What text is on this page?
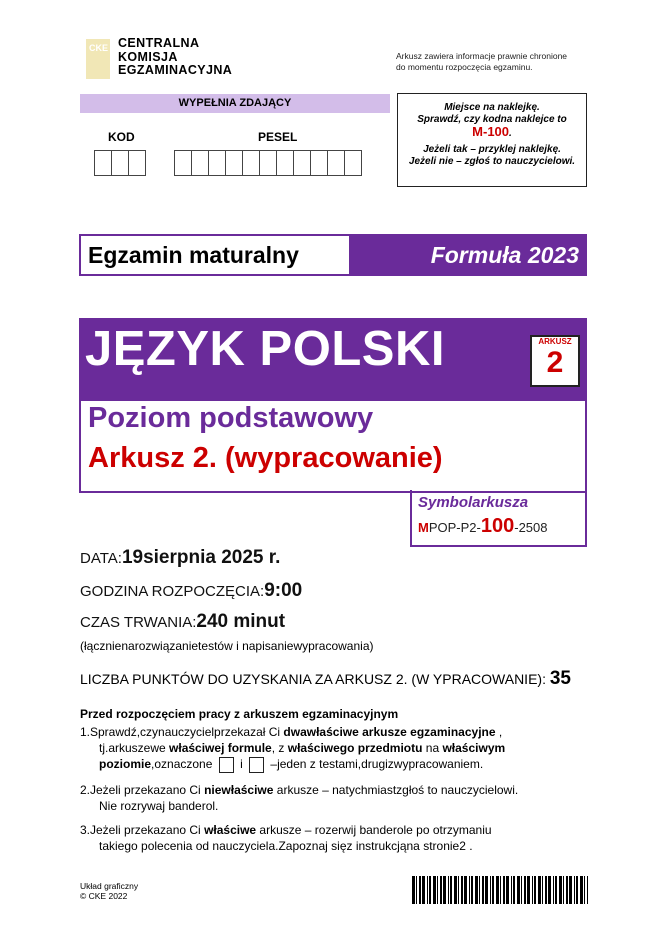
CKE CENTRALNA
KOMISJA
EGZAMINACYJNA
Arkusz zawiera informacje prawnie chronione
do momentu rozpoczęcia egzaminu.
WYPEŁNIA ZDAJĄCY
KOD	PESEL
Miejsce na naklejkę.
Sprawdź, czy kodna naklejce to
M-100.
Jeżeli tak – przyklej naklejkę.
Jeżeli nie – zgłoś to nauczycielowi.
Egzamin maturalny	Formuła 2023
JĘZYK POLSKI	ARKUSZ
2
Poziom podstawowy
Arkusz 2. (wypracowanie)
Symbolarkusza
MPOP-P2-100-2508
DATA:19sierpnia 2025 r.
GODZINA ROZPOCZĘCIA:9:00
CZAS TRWANIA:240 minut
(łącznienarozwiązanietestów i napisaniewypracowania)
LICZBA PUNKTÓW DO UZYSKANIA ZA ARKUSZ 2. (W YPRACOWANIE): 35
Przed rozpoczęciem pracy z arkuszem egzaminacyjnym
1.Sprawdź,czynauczycielprzekazał Ci dwawłaściwe arkusze egzaminacyjne ,
tj.arkuszewe właściwej formule, z właściwego przedmiotu na właściwym
poziomie,oznaczone  i  –jeden z testami,drugizwypracowaniem.
2.Jeżeli przekazano Ci niewłaściwe arkusze – natychmiastzgłoś to nauczycielowi.
Nie rozrywaj banderol.
3.Jeżeli przekazano Ci właściwe arkusze – rozerwij banderole po otrzymaniu
takiego polecenia od nauczyciela.Zapoznaj sięz instrukcjąna stronie2 .
Układ graficzny
© CKE 2022
